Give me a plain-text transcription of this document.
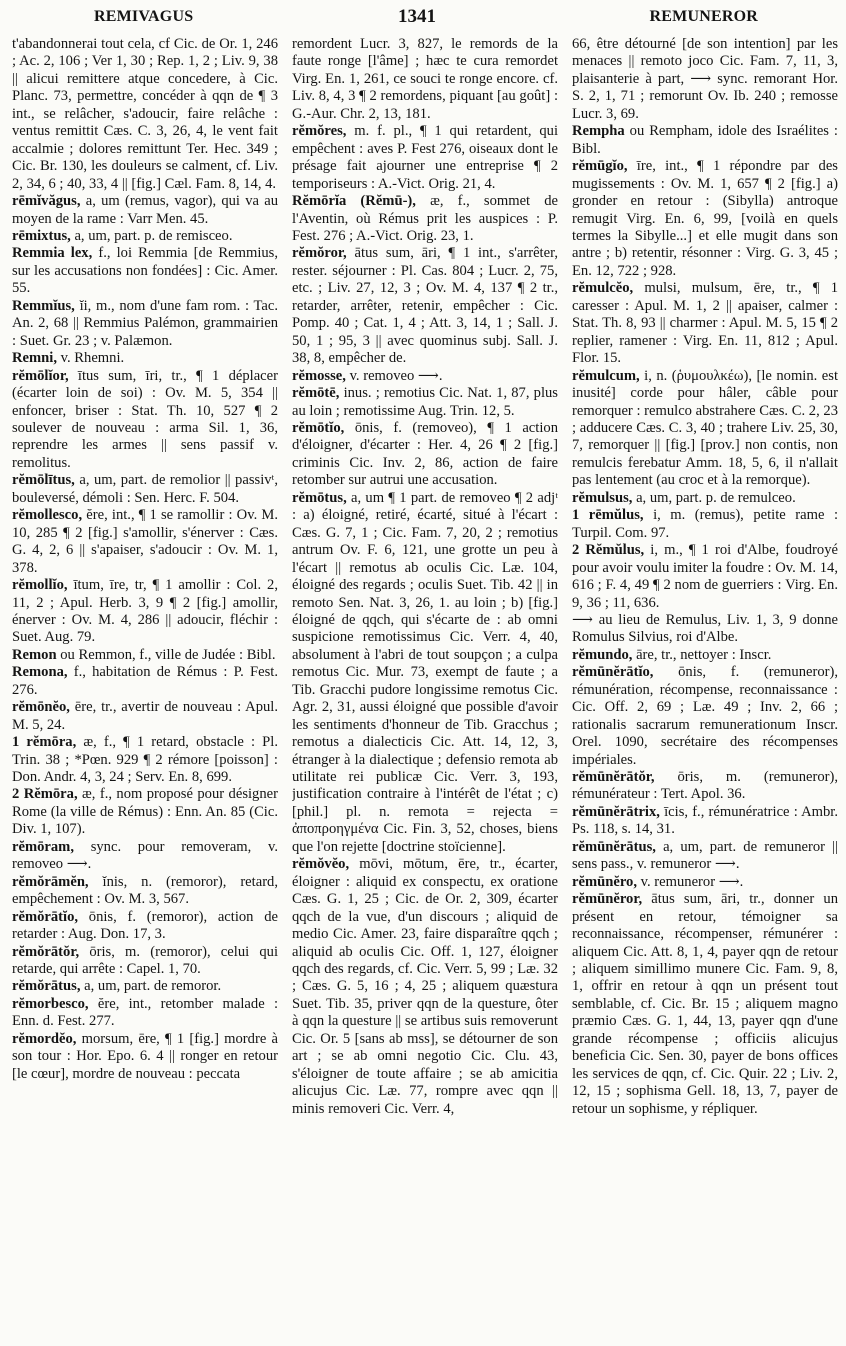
REMIVAGUS	1341	REMUNEROR

t'abandonnerai tout cela, cf Cic. de Or. 1, 246 ; Ac. 2, 106 ; Ver 1, 30 ; Rep. 1, 2 ; Liv. 9, 38 || alicui remittere atque concedere, à Cic. Planc. 73, permettre, concéder à qqn de ¶ 3 int., se relâcher, s'adoucir, faire relâche : ventus remittit Cæs. C. 3, 26, 4, le vent fait accalmie ; dolores remittunt Ter. Hec. 349 ; Cic. Br. 130, les douleurs se calment, cf. Liv. 2, 34, 6 ; 40, 33, 4 || [fig.] Cæl. Fam. 8, 14, 4.

rēmĭvăgus, a, um (remus, vagor), qui va au moyen de la rame : Varr Men. 45.

rēmixtus, a, um, part. p. de remisceo.

Remmia lex, f., loi Remmia [de Remmius, sur les accusations non fondées] : Cic. Amer. 55.

Remmĭus, ĭi, m., nom d'une fam rom. : Tac. An. 2, 68 || Remmius Palémon, grammairien : Suet. Gr. 23 ; v. Palæmon.

Remni, v. Rhemni.

rĕmōlĭor, ītus sum, īri, tr., ¶ 1 déplacer (écarter loin de soi) : Ov. M. 5, 354 || enfoncer, briser : Stat. Th. 10, 527 ¶ 2 soulever de nouveau : arma Sil. 1, 36, reprendre les armes || sens passif v. remolitus.

rĕmōlītus, a, um, part. de remolior || passivᵗ, bouleversé, démoli : Sen. Herc. F. 504.

rĕmollesco, ĕre, int., ¶ 1 se ramollir : Ov. M. 10, 285 ¶ 2 [fig.] s'amollir, s'énerver : Cæs. G. 4, 2, 6 || s'apaiser, s'adoucir : Ov. M. 1, 378.

rĕmollĭo, ītum, īre, tr, ¶ 1 amollir : Col. 2, 11, 2 ; Apul. Herb. 3, 9 ¶ 2 [fig.] amollir, énerver : Ov. M. 4, 286 || adoucir, fléchir : Suet. Aug. 79.

Remon ou Remmon, f., ville de Judée : Bibl.

Remona, f., habitation de Rémus : P. Fest. 276.

rĕmōnĕo, ēre, tr., avertir de nouveau : Apul. M. 5, 24.

1 rĕmōra, æ, f., ¶ 1 retard, obstacle : Pl. Trin. 38 ; *Pœn. 929 ¶ 2 rémore [poisson] : Don. Andr. 4, 3, 24 ; Serv. En. 8, 699.

2 Rĕmōra, æ, f., nom proposé pour désigner Rome (la ville de Rémus) : Enn. An. 85 (Cic. Div. 1, 107).

rĕmōram, sync. pour removeram, v. removeo ⟶.

rĕmŏrāmĕn, ĭnis, n. (remoror), retard, empêchement : Ov. M. 3, 567.

rĕmŏrātĭo, ōnis, f. (remoror), action de retarder : Aug. Don. 17, 3.

rĕmŏrātŏr, ōris, m. (remoror), celui qui retarde, qui arrête : Capel. 1, 70.

rĕmŏrātus, a, um, part. de remoror.

rĕmorbesco, ĕre, int., retomber malade : Enn. d. Fest. 277.

rĕmordĕo, morsum, ēre, ¶ 1 [fig.] mordre à son tour : Hor. Epo. 6. 4 || ronger en retour [le cœur], mordre de nouveau : peccata

remordent Lucr. 3, 827, le remords de la faute ronge [l'âme] ; hæc te cura remordet Virg. En. 1, 261, ce souci te ronge encore. cf. Liv. 8, 4, 3 ¶ 2 remordens, piquant [au goût] : G.-Aur. Chr. 2, 13, 181.

rĕmŏres, m. f. pl., ¶ 1 qui retardent, qui empêchent : aves P. Fest 276, oiseaux dont le présage fait ajourner une entreprise ¶ 2 temporiseurs : A.-Vict. Orig. 21, 4.

Rĕmōrĭa (Rĕmū-), æ, f., sommet de l'Aventin, où Rémus prit les auspices : P. Fest. 276 ; A.-Vict. Orig. 23, 1.

rĕmŏror, ātus sum, āri, ¶ 1 int., s'arrêter, rester. séjourner : Pl. Cas. 804 ; Lucr. 2, 75, etc. ; Liv. 27, 12, 3 ; Ov. M. 4, 137 ¶ 2 tr., retarder, arrêter, retenir, empêcher : Cic. Pomp. 40 ; Cat. 1, 4 ; Att. 3, 14, 1 ; Sall. J. 50, 1 ; 95, 3 || avec quominus subj. Sall. J. 38, 8, empêcher de.

rĕmosse, v. removeo ⟶.

rĕmōtē, inus. ; remotius Cic. Nat. 1, 87, plus au loin ; remotissime Aug. Trin. 12, 5.

rĕmōtĭo, ōnis, f. (removeo), ¶ 1 action d'éloigner, d'écarter : Her. 4, 26 ¶ 2 [fig.] criminis Cic. Inv. 2, 86, action de faire retomber sur autrui une accusation.

rĕmōtus, a, um ¶ 1 part. de removeo ¶ 2 adjᵗ : a) éloigné, retiré, écarté, situé à l'écart : Cæs. G. 7, 1 ; Cic. Fam. 7, 20, 2 ; remotius antrum Ov. F. 6, 121, une grotte un peu à l'écart || remotus ab oculis Cic. Læ. 104, éloigné des regards ; oculis Suet. Tib. 42 || in remoto Sen. Nat. 3, 26, 1. au loin ; b) [fig.] éloigné de qqch, qui s'écarte de : ab omni suspicione remotissimus Cic. Verr. 4, 40, absolument à l'abri de tout soupçon ; a culpa remotus Cic. Mur. 73, exempt de faute ; a Tib. Gracchi pudore longissime remotus Cic. Agr. 2, 31, aussi éloigné que possible d'avoir les sentiments d'honneur de Tib. Gracchus ; remotus a dialecticis Cic. Att. 14, 12, 3, étranger à la dialectique ; defensio remota ab utilitate rei publicæ Cic. Verr. 3, 193, justification contraire à l'intérêt de l'état ; c) [phil.] pl. n. remota = rejecta = ἀποπροηγμένα Cic. Fin. 3, 52, choses, biens que l'on rejette [doctrine stoïcienne].

rĕmŏvĕo, mōvi, mōtum, ēre, tr., écarter, éloigner : aliquid ex conspectu, ex oratione Cæs. G. 1, 25 ; Cic. de Or. 2, 309, écarter qqch de la vue, d'un discours ; aliquid de medio Cic. Amer. 23, faire disparaître qqch ; aliquid ab oculis Cic. Off. 1, 127, éloigner qqch des regards, cf. Cic. Verr. 5, 99 ; Læ. 32 ; Cæs. G. 5, 16 ; 4, 25 ; aliquem quæstura Suet. Tib. 35, priver qqn de la questure, ôter à qqn la questure || se artibus suis removerunt Cic. Or. 5 [sans ab mss], se détourner de son art ; se ab omni negotio Cic. Clu. 43, s'éloigner de toute affaire ; se ab amicitia alicujus Cic. Læ. 77, rompre avec qqn || minis removeri Cic. Verr. 4,

66, être détourné [de son intention] par les menaces || remoto joco Cic. Fam. 7, 11, 3, plaisanterie à part, ⟶ sync. remorant Hor. S. 2, 1, 71 ; remorunt Ov. Ib. 240 ; remosse Lucr. 3, 69.

Rempha ou Rempham, idole des Israélites : Bibl.

rĕmūgĭo, īre, int., ¶ 1 répondre par des mugissements : Ov. M. 1, 657 ¶ 2 [fig.] a) gronder en retour : (Sibylla) antroque remugit Virg. En. 6, 99, [voilà en quels termes la Sibylle...] et elle mugit dans son antre ; b) retentir, résonner : Virg. G. 3, 45 ; En. 12, 722 ; 928.

rĕmulcĕo, mulsi, mulsum, ēre, tr., ¶ 1 caresser : Apul. M. 1, 2 || apaiser, calmer : Stat. Th. 8, 93 || charmer : Apul. M. 5, 15 ¶ 2 replier, ramener : Virg. En. 11, 812 ; Apul. Flor. 15.

rĕmulcum, i, n. (ῥυμουλκέω), [le nomin. est inusité] corde pour hâler, câble pour remorquer : remulco abstrahere Cæs. C. 2, 23 ; adducere Cæs. C. 3, 40 ; trahere Liv. 25, 30, 7, remorquer || [fig.] [prov.] non contis, non remulcis ferebatur Amm. 18, 5, 6, il n'allait pas lentement (au croc et à la remorque).

rĕmulsus, a, um, part. p. de remulceo.

1 rēmŭlus, i, m. (remus), petite rame : Turpil. Com. 97.

2 Rĕmŭlus, i, m., ¶ 1 roi d'Albe, foudroyé pour avoir voulu imiter la foudre : Ov. M. 14, 616 ; F. 4, 49 ¶ 2 nom de guerriers : Virg. En. 9, 36 ; 11, 636.

⟶ au lieu de Remulus, Liv. 1, 3, 9 donne Romulus Silvius, roi d'Albe.

rĕmundo, āre, tr., nettoyer : Inscr.

rĕmūnĕrātĭo, ōnis, f. (remuneror), rémunération, récompense, reconnaissance : Cic. Off. 2, 69 ; Læ. 49 ; Inv. 2, 66 ; rationalis sacrarum remunerationum Inscr. Orel. 1090, secrétaire des récompenses impériales.

rĕmūnĕrātŏr, ōris, m. (remuneror), rémunérateur : Tert. Apol. 36.

rĕmūnĕrātrix, īcis, f., rémunératrice : Ambr. Ps. 118, s. 14, 31.

rĕmūnĕrātus, a, um, part. de remuneror || sens pass., v. remuneror ⟶.

rĕmūnĕro, v. remuneror ⟶.

rĕmūnĕror, ātus sum, āri, tr., donner un présent en retour, témoigner sa reconnaissance, récompenser, rémunérer : aliquem Cic. Att. 8, 1, 4, payer qqn de retour ; aliquem simillimo munere Cic. Fam. 9, 8, 1, offrir en retour à qqn un présent tout semblable, cf. Cic. Br. 15 ; aliquem magno præmio Cæs. G. 1, 44, 13, payer qqn d'une grande récompense ; officiis alicujus beneficia Cic. Sen. 30, payer de bons offices les services de qqn, cf. Cic. Quir. 22 ; Liv. 2, 12, 15 ; sophisma Gell. 18, 13, 7, payer de retour un sophisme, y répliquer.
